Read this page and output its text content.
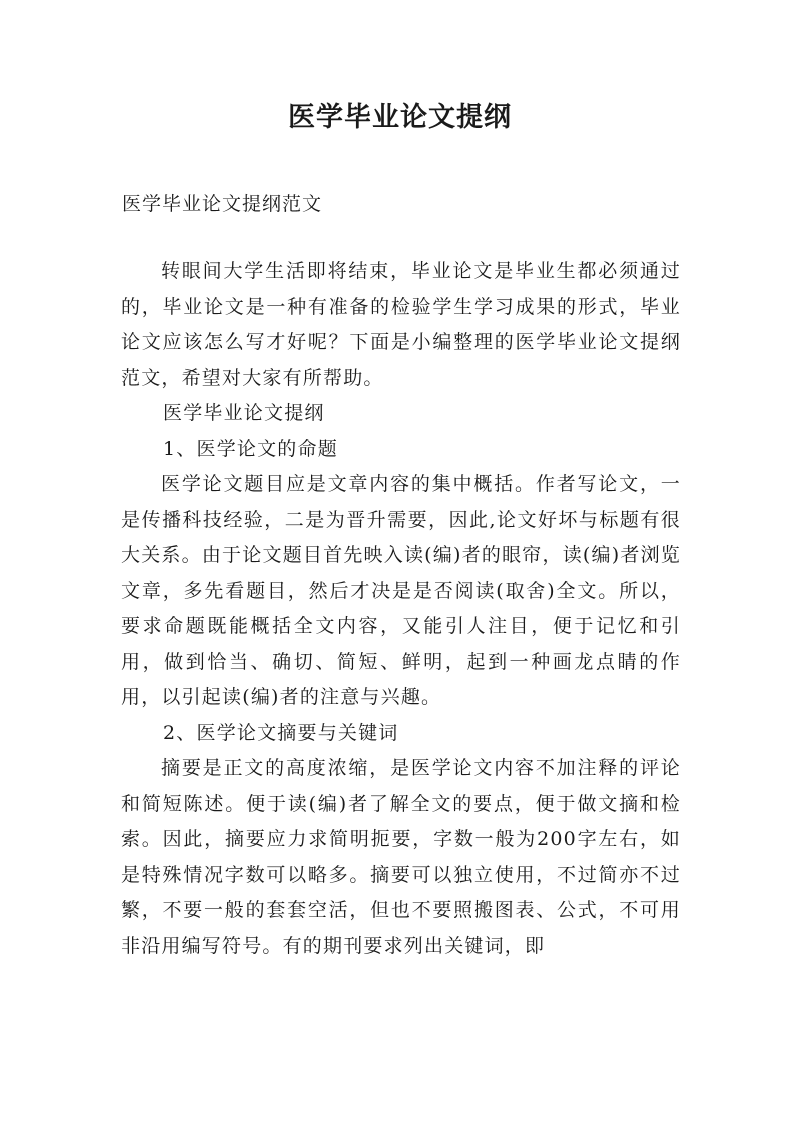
医学毕业论文提纲

医学毕业论文提纲范文

转眼间大学生活即将结束，毕业论文是毕业生都必须通过的，毕业论文是一种有准备的检验学生学习成果的形式，毕业论文应该怎么写才好呢？下面是小编整理的医学毕业论文提纲范文，希望对大家有所帮助。

医学毕业论文提纲

1、医学论文的命题

医学论文题目应是文章内容的集中概括。作者写论文，一是传播科技经验，二是为晋升需要，因此,论文好坏与标题有很大关系。由于论文题目首先映入读(编)者的眼帘，读(编)者浏览文章，多先看题目，然后才决是是否阅读(取舍)全文。所以，要求命题既能概括全文内容，又能引人注目，便于记忆和引用，做到恰当、确切、简短、鲜明，起到一种画龙点睛的作用，以引起读(编)者的注意与兴趣。

2、医学论文摘要与关键词

摘要是正文的高度浓缩，是医学论文内容不加注释的评论和简短陈述。便于读(编)者了解全文的要点，便于做文摘和检索。因此，摘要应力求简明扼要，字数一般为200字左右，如是特殊情况字数可以略多。摘要可以独立使用，不过简亦不过繁，不要一般的套套空活，但也不要照搬图表、公式，不可用非沿用编写符号。有的期刊要求列出关键词，即
